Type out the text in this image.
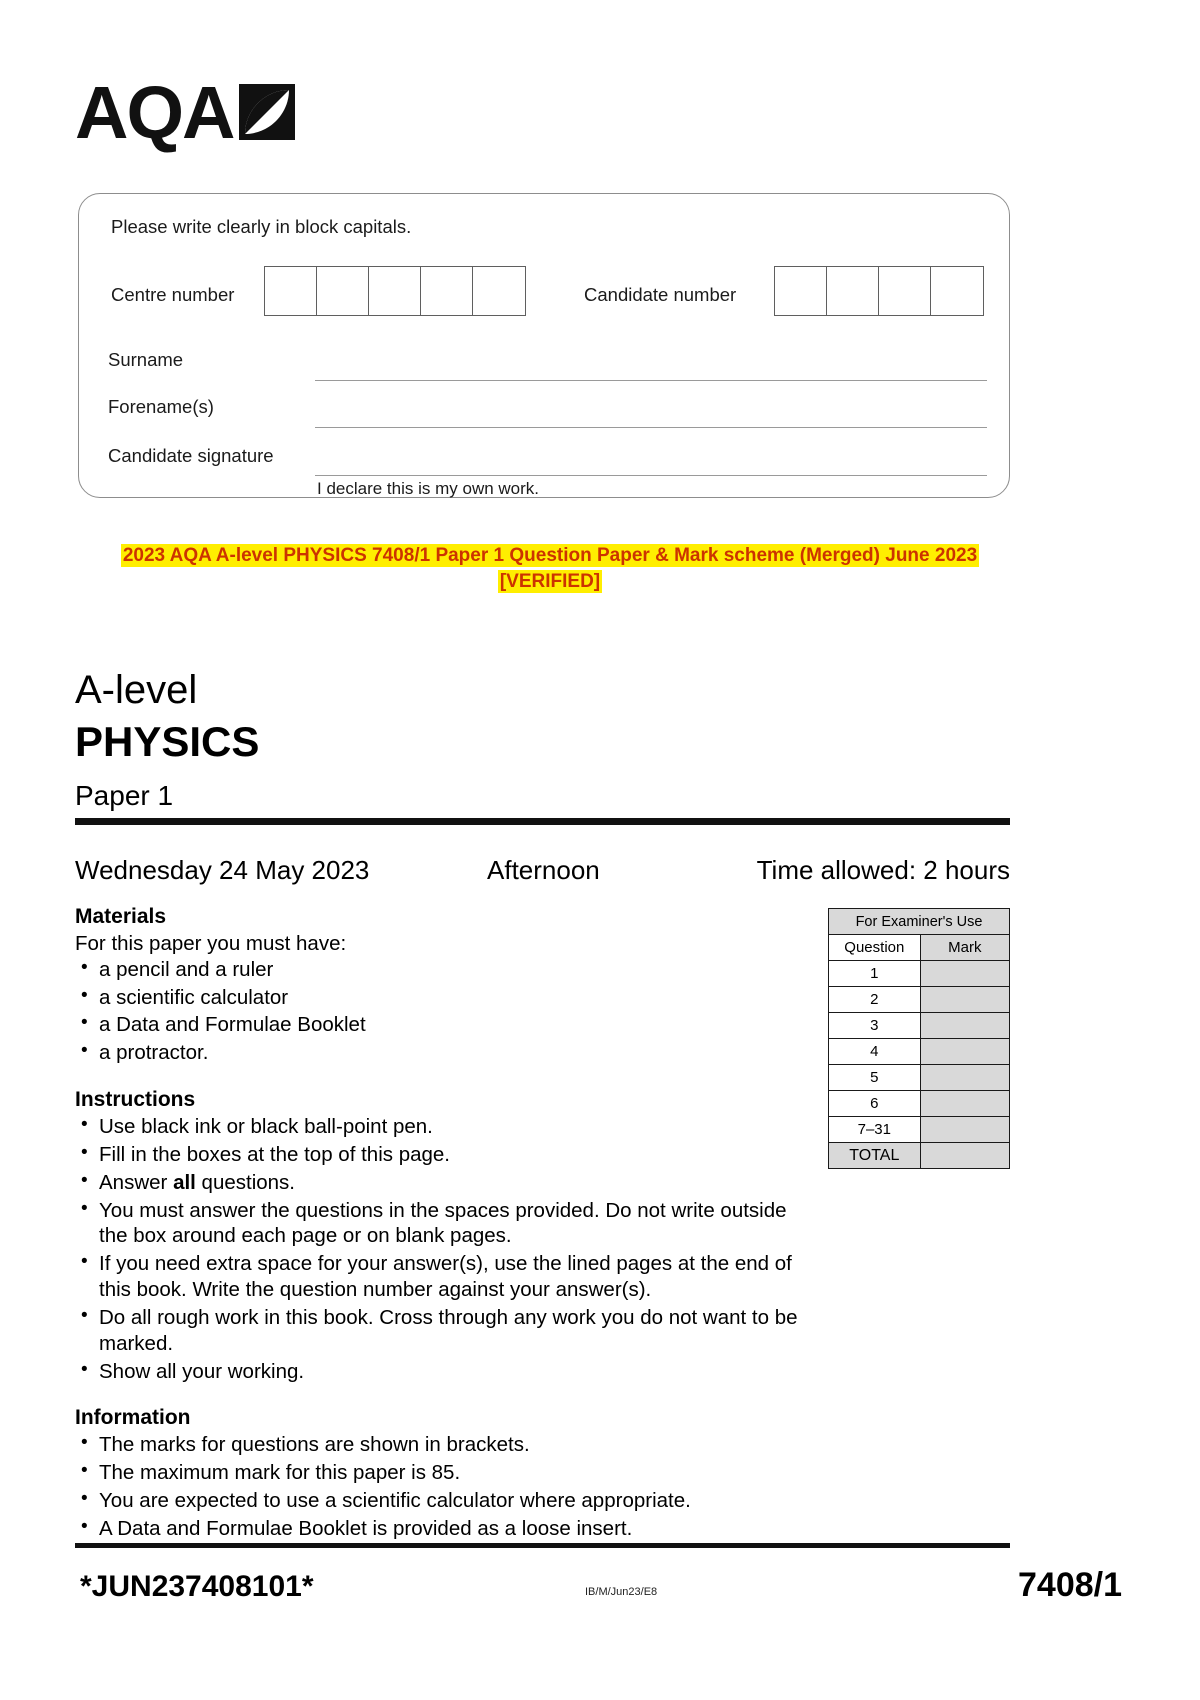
AQA
Please write clearly in block capitals.
Centre number	Candidate number
Surname
Forename(s)
Candidate signature
I declare this is my own work.
2023 AQA A-level PHYSICS 7408/1 Paper 1 Question Paper & Mark scheme (Merged) June 2023
[VERIFIED]
A-level
PHYSICS
Paper 1
Wednesday 24 May 2023	Afternoon	Time allowed: 2 hours
Materials
For this paper you must have:
• a pencil and a ruler
• a scientific calculator
• a Data and Formulae Booklet
• a protractor.
Instructions
• Use black ink or black ball-point pen.
• Fill in the boxes at the top of this page.
• Answer all questions.
• You must answer the questions in the spaces provided. Do not write outside the box around each page or on blank pages.
• If you need extra space for your answer(s), use the lined pages at the end of this book. Write the question number against your answer(s).
• Do all rough work in this book. Cross through any work you do not want to be marked.
• Show all your working.
Information
• The marks for questions are shown in brackets.
• The maximum mark for this paper is 85.
• You are expected to use a scientific calculator where appropriate.
• A Data and Formulae Booklet is provided as a loose insert.
For Examiner's Use	
Question	Mark
1	
2	
3	
4	
5	
6	
7–31	
TOTAL	
*JUN237408101*	IB/M/Jun23/E8	7408/1
